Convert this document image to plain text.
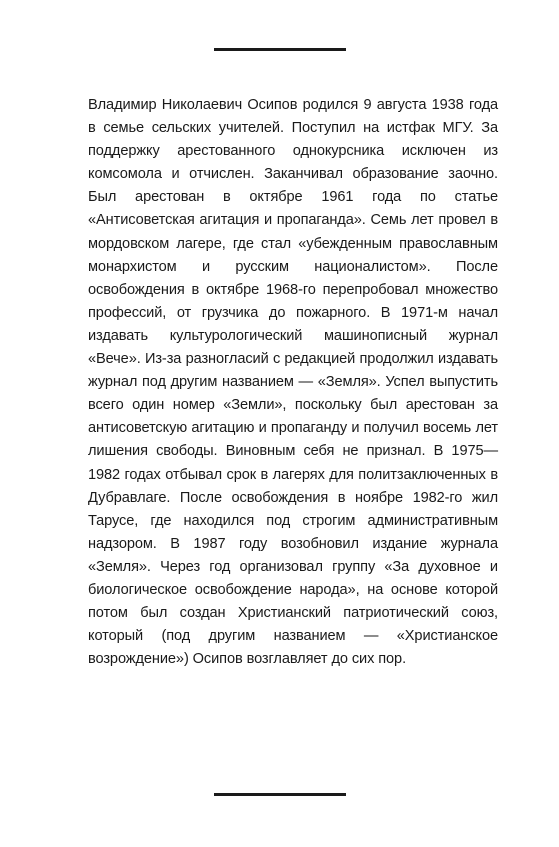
Владимир Николаевич Осипов родился 9 августа 1938 года в семье сельских учителей. Поступил на истфак МГУ. За поддержку арестованного однокурсника исключен из комсомола и отчислен. Заканчивал образование заочно. Был арестован в октябре 1961 года по статье «Антисоветская агитация и пропаганда». Семь лет провел в мордовском лагере, где стал «убежденным православным монархистом и русским националистом». После освобождения в октябре 1968-го перепробовал множество профессий, от грузчика до пожарного. В 1971-м начал издавать культурологический машинописный журнал «Вече». Из-за разногласий с редакцией продолжил издавать журнал под другим названием — «Земля». Успел выпустить всего один номер «Земли», поскольку был арестован за антисоветскую агитацию и пропаганду и получил восемь лет лишения свободы. Виновным себя не признал. В 1975—1982 годах отбывал срок в лагерях для политзаключенных в Дубравлаге. После освобождения в ноябре 1982-го жил Тарусе, где находился под строгим административным надзором. В 1987 году возобновил издание журнала «Земля». Через год организовал группу «За духовное и биологическое освобождение народа», на основе которой потом был создан Христианский патриотический союз, который (под другим названием — «Христианское возрождение») Осипов возглавляет до сих пор.
